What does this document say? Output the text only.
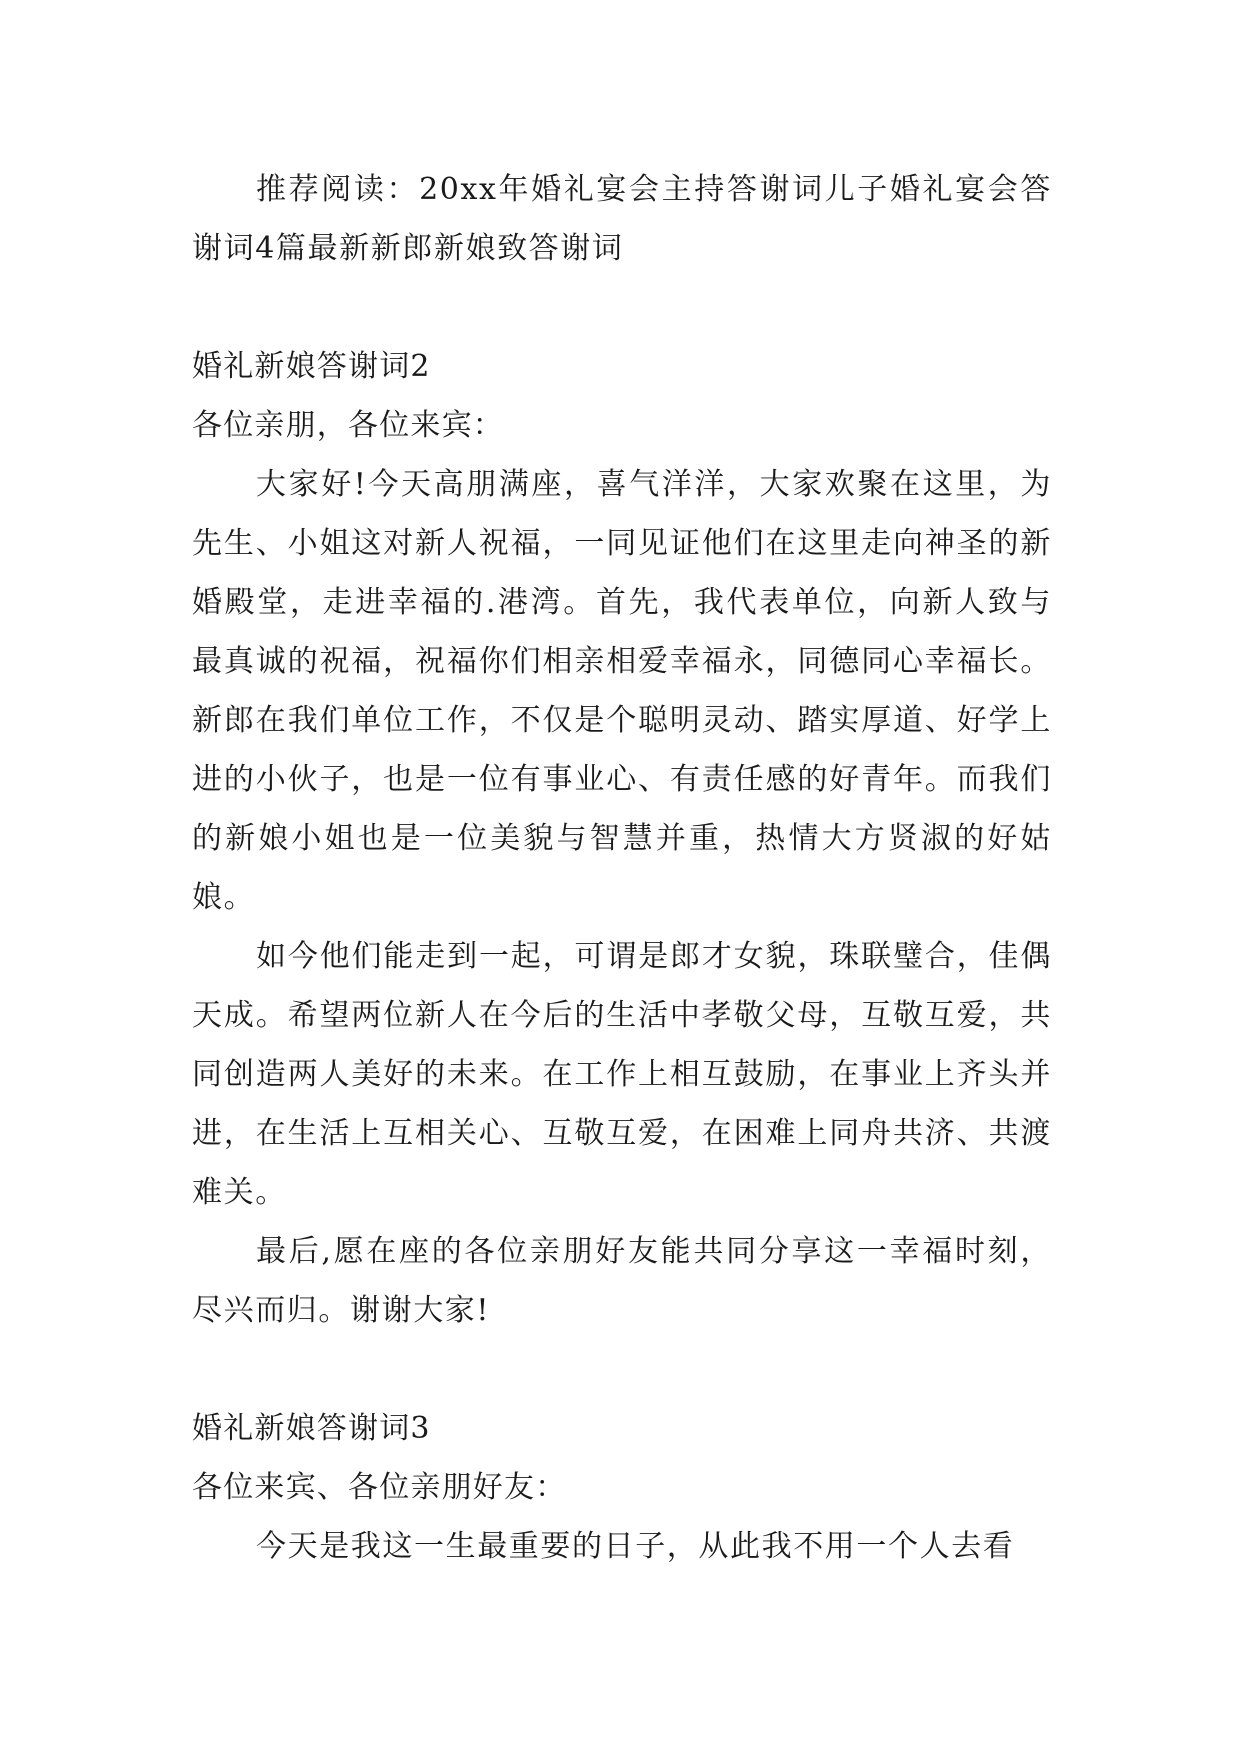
推荐阅读：20xx年婚礼宴会主持答谢词儿子婚礼宴会答谢词4篇最新新郎新娘致答谢词

婚礼新娘答谢词2

各位亲朋，各位来宾：

大家好!今天高朋满座，喜气洋洋，大家欢聚在这里，为先生、小姐这对新人祝福，一同见证他们在这里走向神圣的新婚殿堂，走进幸福的.港湾。首先，我代表单位，向新人致与最真诚的祝福，祝福你们相亲相爱幸福永，同德同心幸福长。新郎在我们单位工作，不仅是个聪明灵动、踏实厚道、好学上进的小伙子，也是一位有事业心、有责任感的好青年。而我们的新娘小姐也是一位美貌与智慧并重，热情大方贤淑的好姑娘。

如今他们能走到一起，可谓是郎才女貌，珠联璧合，佳偶天成。希望两位新人在今后的生活中孝敬父母，互敬互爱，共同创造两人美好的未来。在工作上相互鼓励，在事业上齐头并进，在生活上互相关心、互敬互爱，在困难上同舟共济、共渡难关。

最后,愿在座的各位亲朋好友能共同分享这一幸福时刻，尽兴而归。谢谢大家!

婚礼新娘答谢词3

各位来宾、各位亲朋好友：

今天是我这一生最重要的日子，从此我不用一个人去看
